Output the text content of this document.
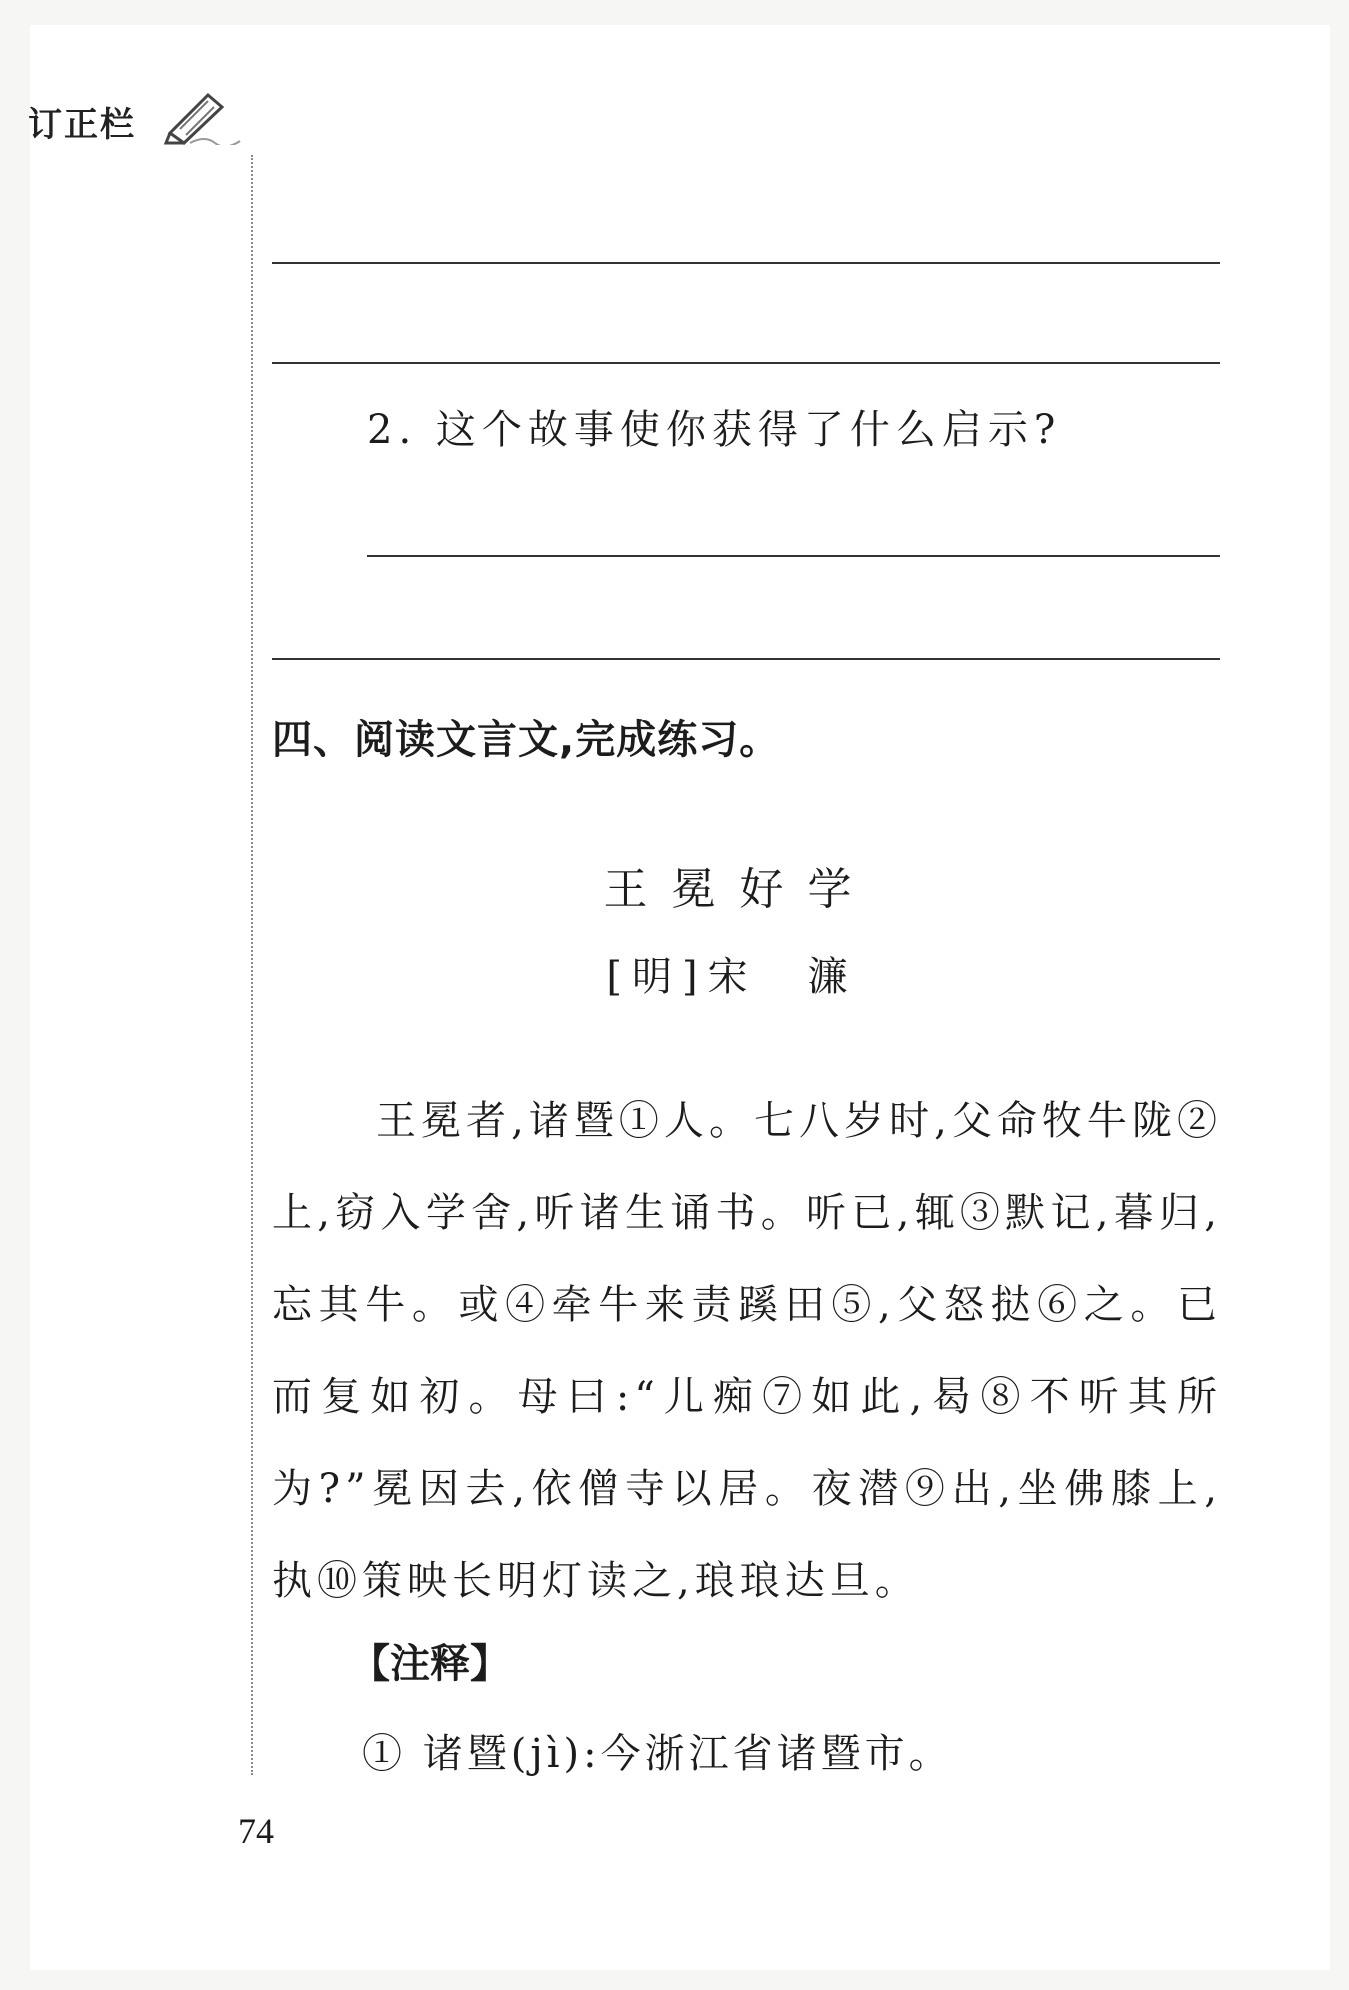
订正栏
2. 这个故事使你获得了什么启示?
四、阅读文言文,完成练习。
王冕好学
[明]宋　濂

王冕者,诸暨①人。七八岁时,父命牧牛陇②上,窃入学舍,听诸生诵书。听已,辄③默记,暮归,忘其牛。或④牵牛来责蹊田⑤,父怒挞⑥之。已而复如初。母曰:“儿痴⑦如此,曷⑧不听其所为?”冕因去,依僧寺以居。夜潜⑨出,坐佛膝上,执⑩策映长明灯读之,琅琅达旦。

【注释】
① 诸暨(jì):今浙江省诸暨市。
74
